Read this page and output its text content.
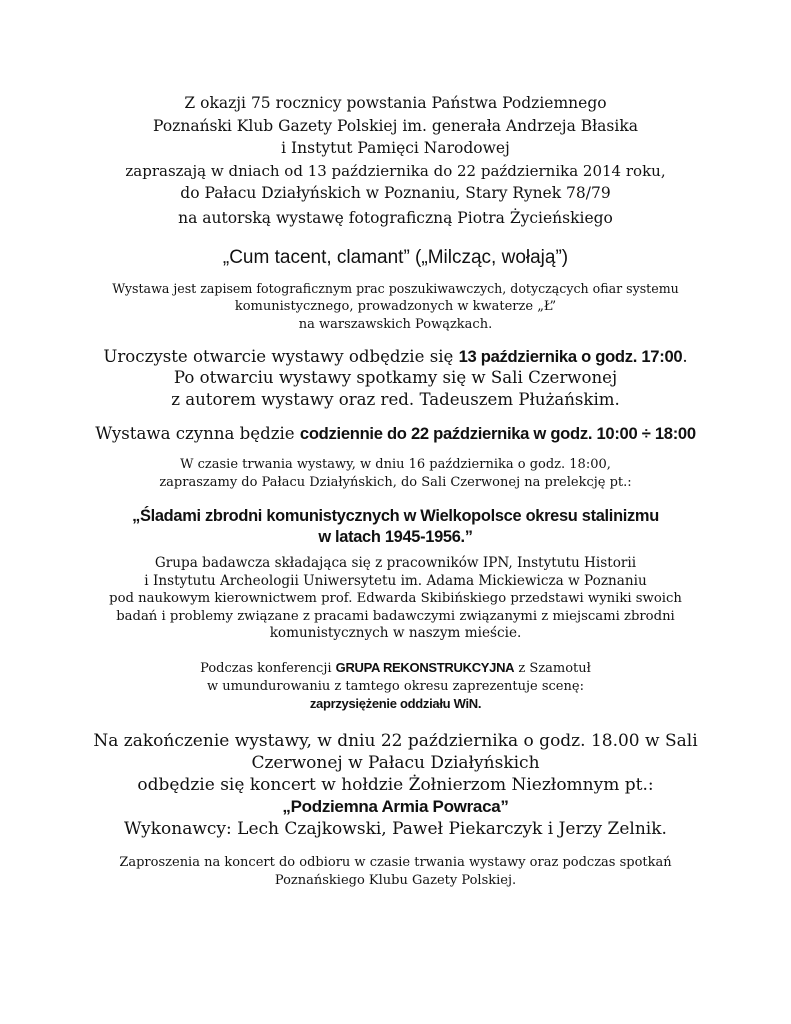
Z okazji 75 rocznicy powstania Państwa Podziemnego
Poznański Klub Gazety Polskiej im. generała Andrzeja Błasika
i Instytut Pamięci Narodowej
zapraszają w dniach od 13 października do 22 października 2014 roku,
do Pałacu Działyńskich w Poznaniu, Stary Rynek 78/79
na autorską wystawę fotograficzną Piotra Życieńskiego
„Cum tacent, clamant” („Milcząc, wołają”)
Wystawa jest zapisem fotograficznym prac poszukiwawczych, dotyczących ofiar systemu
komunistycznego, prowadzonych w kwaterze „Ł”
na warszawskich Powązkach.
Uroczyste otwarcie wystawy odbędzie się 13 października o godz. 17:00.
Po otwarciu wystawy spotkamy się w Sali Czerwonej
z autorem wystawy oraz red. Tadeuszem Płużańskim.
Wystawa czynna będzie codziennie do 22 października w godz. 10:00 ÷ 18:00
W czasie trwania wystawy, w dniu 16 października o godz. 18:00,
zapraszamy do Pałacu Działyńskich, do Sali Czerwonej na prelekcję pt.:
„Śladami zbrodni komunistycznych w Wielkopolsce okresu stalinizmu
w latach 1945-1956.”
Grupa badawcza składająca się z pracowników IPN, Instytutu Historii
i Instytutu Archeologii Uniwersytetu im. Adama Mickiewicza w Poznaniu
pod naukowym kierownictwem prof. Edwarda Skibińskiego przedstawi wyniki swoich
badań i problemy związane z pracami badawczymi związanymi z miejscami zbrodni
komunistycznych w naszym mieście.
Podczas konferencji GRUPA REKONSTRUKCYJNA z Szamotuł
w umundurowaniu z tamtego okresu zaprezentuje scenę:
zaprzysiężenie oddziału WiN.
Na zakończenie wystawy, w dniu 22 października o godz. 18.00 w Sali
Czerwonej w Pałacu Działyńskich
odbędzie się koncert w hołdzie Żołnierzom Niezłomnym pt.:
„Podziemna Armia Powraca”
Wykonawcy: Lech Czajkowski, Paweł Piekarczyk i Jerzy Zelnik.
Zaproszenia na koncert do odbioru w czasie trwania wystawy oraz podczas spotkań
Poznańskiego Klubu Gazety Polskiej.
